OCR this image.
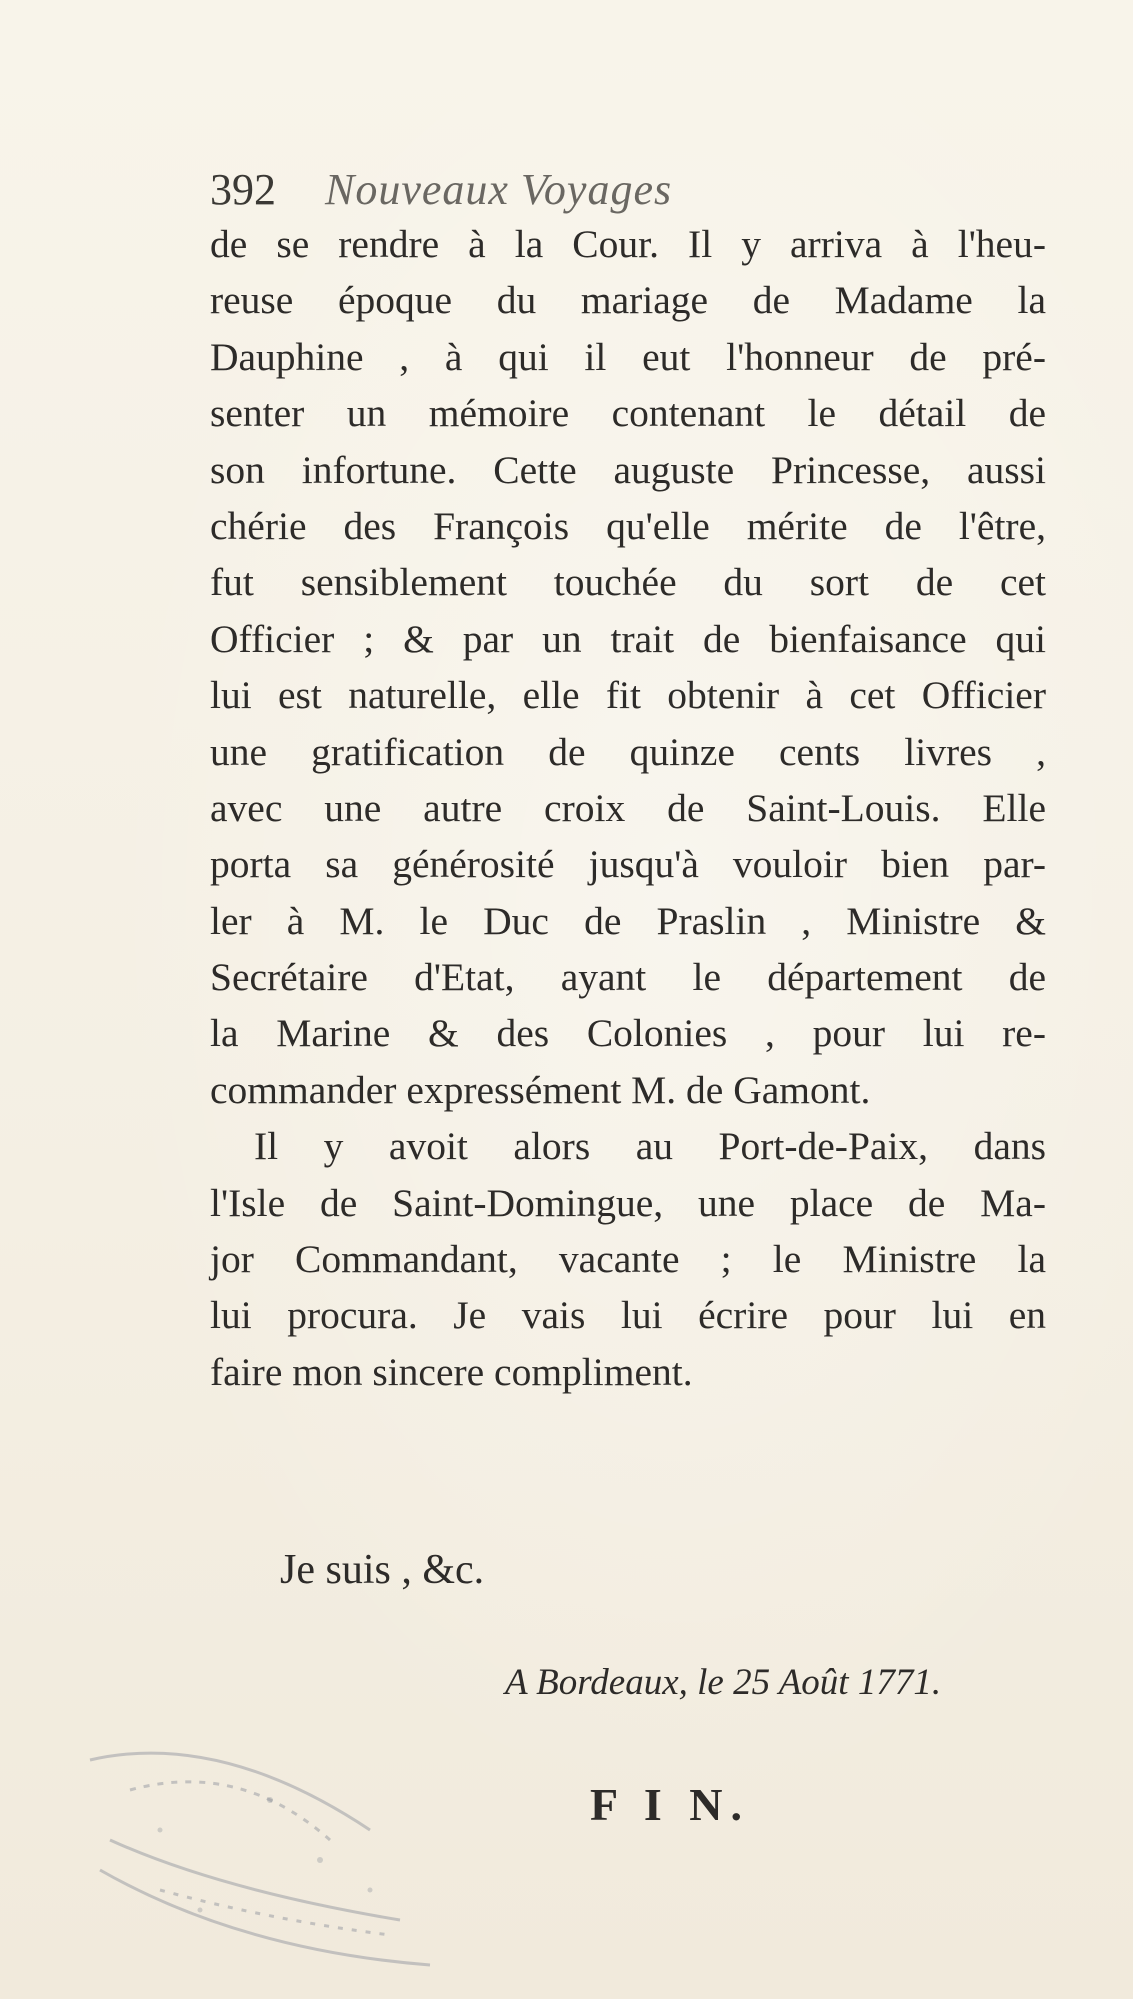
392 Nouveaux Voyages
de se rendre à la Cour. Il y arriva à l'heu-
reuse époque du mariage de Madame la
Dauphine , à qui il eut l'honneur de pré-
senter un mémoire contenant le détail de
son infortune. Cette auguste Princesse, aussi
chérie des François qu'elle mérite de l'être,
fut sensiblement touchée du sort de cet
Officier ; & par un trait de bienfaisance qui
lui est naturelle, elle fit obtenir à cet Officier
une gratification de quinze cents livres ,
avec une autre croix de Saint-Louis. Elle
porta sa générosité jusqu'à vouloir bien par-
ler à M. le Duc de Praslin , Ministre &
Secrétaire d'Etat, ayant le département de
la Marine & des Colonies , pour lui re-
commander expressément M. de Gamont.
Il y avoit alors au Port-de-Paix, dans
l'Isle de Saint-Domingue, une place de Ma-
jor Commandant, vacante ; le Ministre la
lui procura. Je vais lui écrire pour lui en
faire mon sincere compliment.
Je suis , &c.
A Bordeaux, le 25 Août 1771.
F I N.
